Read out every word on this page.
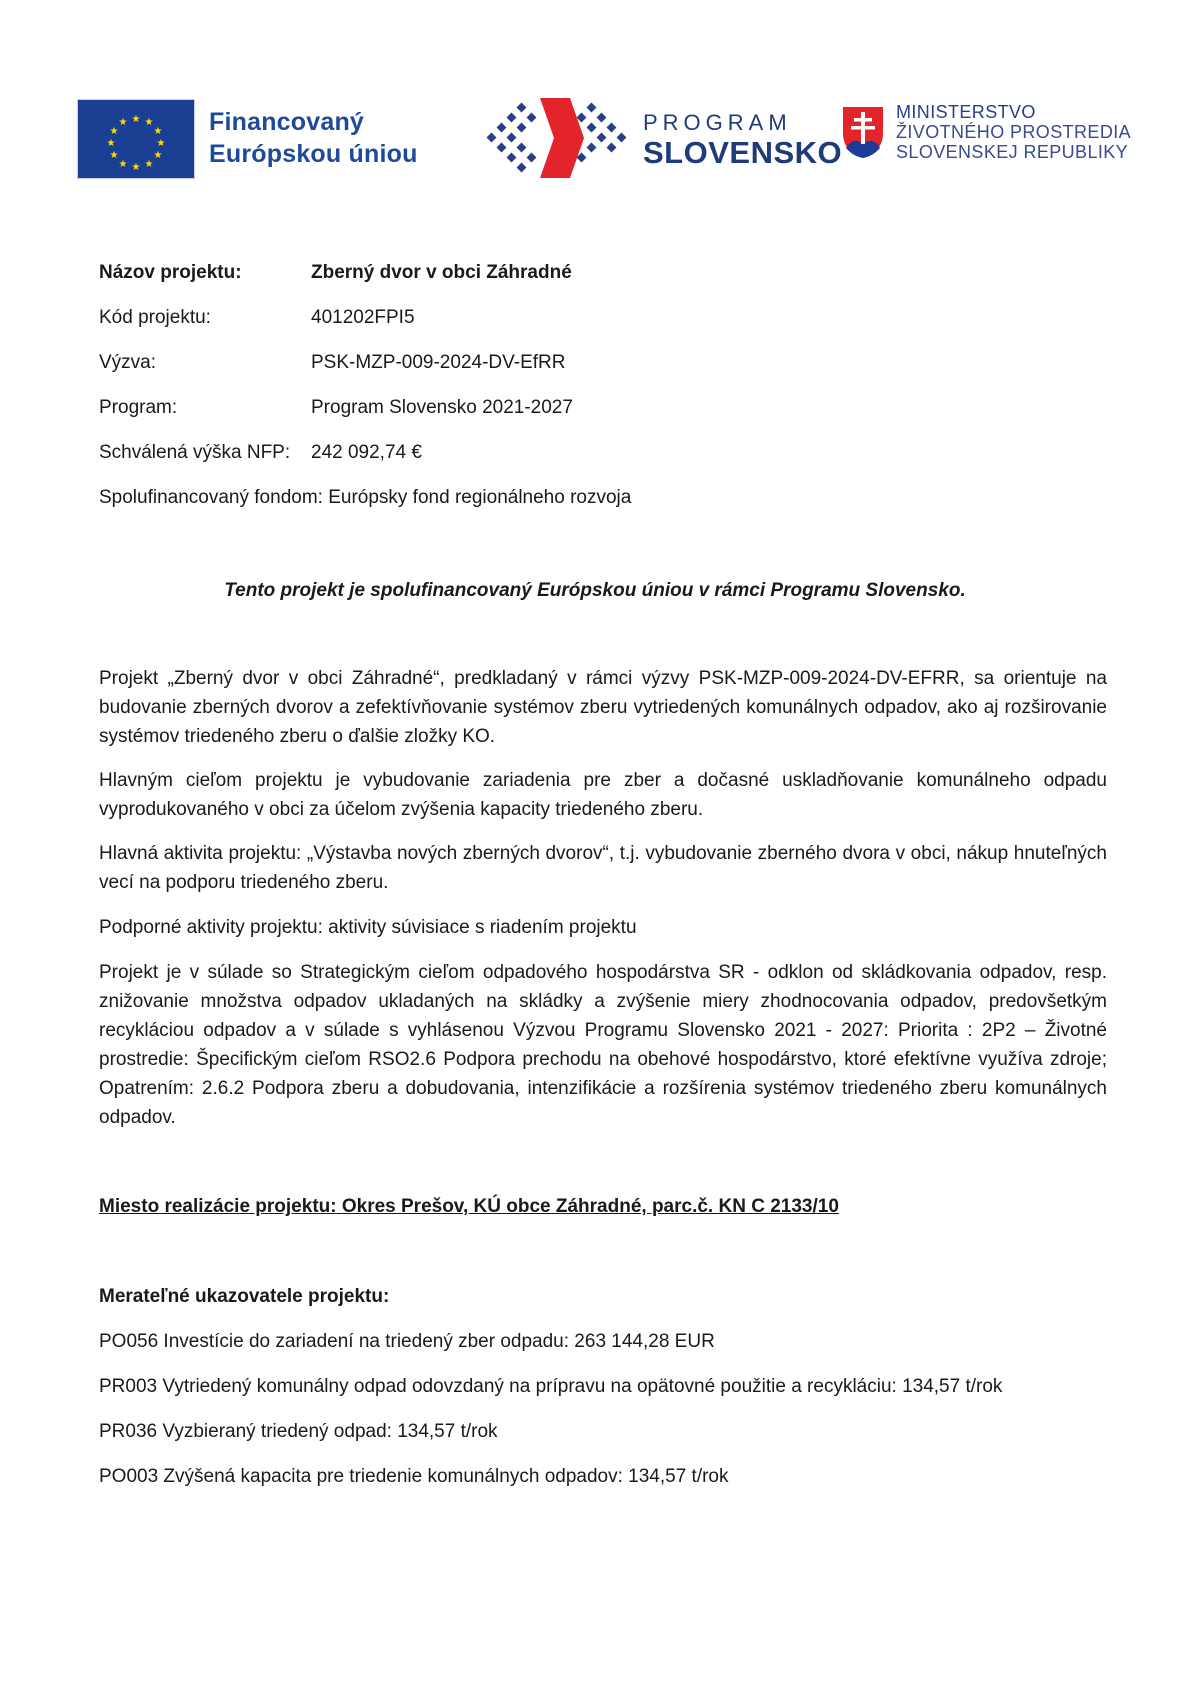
★ ★
★
★
★
★
★
★
★
★
★
★	Financovaný
Európskou úniou
PROGRAM
SLOVENSKO
MINISTERSTVO
ŽIVOTNÉHO PROSTREDIA
SLOVENSKEJ REPUBLIKY
Názov projektu:	Zberný dvor v obci Záhradné
Kód projektu:	401202FPI5
Výzva:	PSK-MZP-009-2024-DV-EfRR
Program:	Program Slovensko 2021-2027
Schválená výška NFP: 242 092,74 €
Spolufinancovaný fondom: Európsky fond regionálneho rozvoja
Tento projekt je spolufinancovaný Európskou úniou v rámci Programu Slovensko.

Projekt „Zberný dvor v obci Záhradné“, predkladaný v rámci výzvy PSK-MZP-009-2024-DV-EFRR, sa orientuje na budovanie zberných dvorov a zefektívňovanie systémov zberu vytriedených komunálnych odpadov, ako aj rozširovanie systémov triedeného zberu o ďalšie zložky KO.

Hlavným cieľom projektu je vybudovanie zariadenia pre zber a dočasné uskladňovanie komunálneho odpadu vyprodukovaného v obci za účelom zvýšenia kapacity triedeného zberu.

Hlavná aktivita projektu: „Výstavba nových zberných dvorov“, t.j. vybudovanie zberného dvora v obci, nákup hnuteľných vecí na podporu triedeného zberu.

Podporné aktivity projektu: aktivity súvisiace s riadením projektu

Projekt je v súlade so Strategickým cieľom odpadového hospodárstva SR - odklon od skládkovania odpadov, resp. znižovanie množstva odpadov ukladaných na skládky a zvýšenie miery zhodnocovania odpadov, predovšetkým recykláciou odpadov a v súlade s vyhlásenou Výzvou Programu Slovensko 2021 - 2027: Priorita : 2P2 – Životné prostredie: Špecifickým cieľom RSO2.6 Podpora prechodu na obehové hospodárstvo, ktoré efektívne využíva zdroje; Opatrením: 2.6.2 Podpora zberu a dobudovania, intenzifikácie a rozšírenia systémov triedeného zberu komunálnych odpadov.

Miesto realizácie projektu: Okres Prešov, KÚ obce Záhradné, parc.č. KN C 2133/10
Merateľné ukazovatele projektu:
PO056 Investície do zariadení na triedený zber odpadu: 263 144,28 EUR
PR003 Vytriedený komunálny odpad odovzdaný na prípravu na opätovné použitie a recykláciu: 134,57 t/rok
PR036 Vyzbieraný triedený odpad: 134,57 t/rok
PO003 Zvýšená kapacita pre triedenie komunálnych odpadov: 134,57 t/rok
